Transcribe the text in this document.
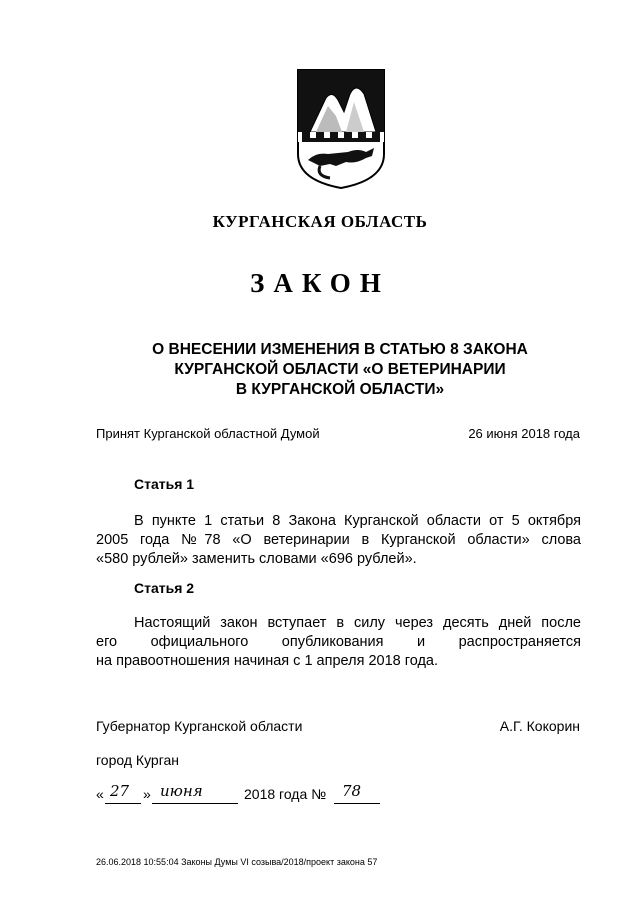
КУРГАНСКАЯ ОБЛАСТЬ
ЗАКОН
О ВНЕСЕНИИ ИЗМЕНЕНИЯ В СТАТЬЮ 8 ЗАКОНА
КУРГАНСКОЙ ОБЛАСТИ «О ВЕТЕРИНАРИИ
В КУРГАНСКОЙ ОБЛАСТИ»
Принят Курганской областной Думой	26 июня 2018 года
Статья 1
В пункте 1 статьи 8 Закона Курганской области от 5 октября
2005 года №78 «О ветеринарии в Курганской области» слова
«580 рублей» заменить словами «696 рублей».
Статья 2
Настоящий закон вступает в силу через десять дней после
его официального опубликования и распространяется
на правоотношения начиная с 1 апреля 2018 года.
Губернатор Курганской области	А.Г. Кокорин
город Курган
« 27 » июня	2018 года № 78
26.06.2018 10:55:04 Законы Думы VI созыва/2018/проект закона 57
